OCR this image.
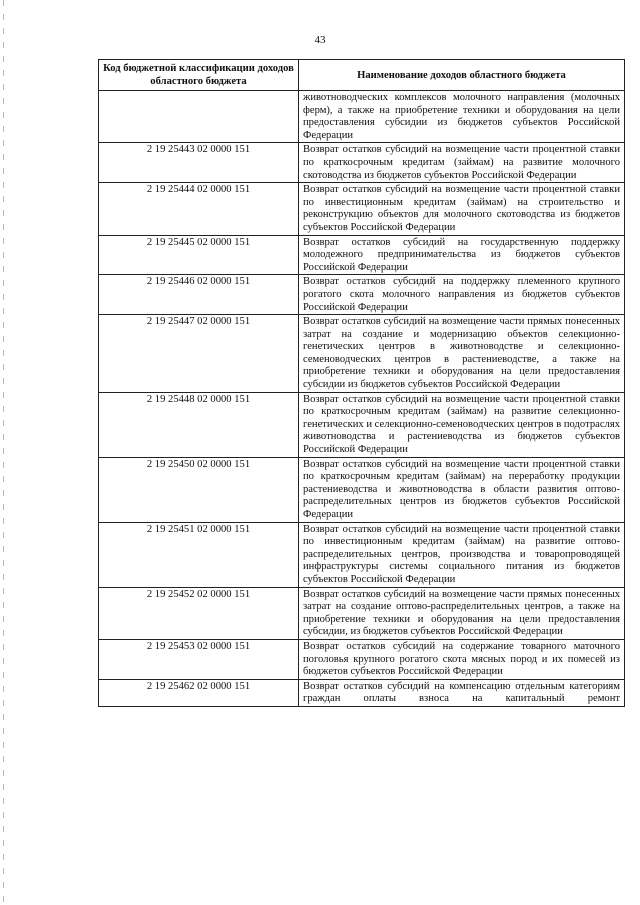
43
Код бюджетной классификации доходов областного бюджета	Наименование доходов областного бюджета
	животноводческих комплексов молочного направления (молочных ферм), а также на приобретение техники и оборудования на цели предоставления субсидии из бюджетов субъектов Российской Федерации
2 19 25443 02 0000 151	Возврат остатков субсидий на возмещение части процентной ставки по краткосрочным кредитам (займам) на развитие молочного скотоводства из бюджетов субъектов Российской Федерации
2 19 25444 02 0000 151	Возврат остатков субсидий на возмещение части процентной ставки по инвестиционным кредитам (займам) на строительство и реконструкцию объектов для молочного скотоводства из бюджетов субъектов Российской Федерации
2 19 25445 02 0000 151	Возврат остатков субсидий на государственную поддержку молодежного предпринимательства из бюджетов субъектов Российской Федерации
2 19 25446 02 0000 151	Возврат остатков субсидий на поддержку племенного крупного рогатого скота молочного направления из бюджетов субъектов Российской Федерации
2 19 25447 02 0000 151	Возврат остатков субсидий на возмещение части прямых понесенных затрат на создание и модернизацию объектов селекционно-генетических центров в животноводстве и селекционно-семеноводческих центров в растениеводстве, а также на приобретение техники и оборудования на цели предоставления субсидии из бюджетов субъектов Российской Федерации
2 19 25448 02 0000 151	Возврат остатков субсидий на возмещение части процентной ставки по краткосрочным кредитам (займам) на развитие селекционно-генетических и селекционно-семеноводческих центров в подотраслях животноводства и растениеводства из бюджетов субъектов Российской Федерации
2 19 25450 02 0000 151	Возврат остатков субсидий на возмещение части процентной ставки по краткосрочным кредитам (займам) на переработку продукции растениеводства и животноводства в области развития оптово-распределительных центров из бюджетов субъектов Российской Федерации
2 19 25451 02 0000 151	Возврат остатков субсидий на возмещение части процентной ставки по инвестиционным кредитам (займам) на развитие оптово-распределительных центров, производства и товаропроводящей инфраструктуры системы социального питания из бюджетов субъектов Российской Федерации
2 19 25452 02 0000 151	Возврат остатков субсидий на возмещение части прямых понесенных затрат на создание оптово-распределительных центров, а также на приобретение техники и оборудования на цели предоставления субсидии, из бюджетов субъектов Российской Федерации
2 19 25453 02 0000 151	Возврат остатков субсидий на содержание товарного маточного поголовья крупного рогатого скота мясных пород и их помесей из бюджетов субъектов Российской Федерации
2 19 25462 02 0000 151	Возврат остатков субсидий на компенсацию отдельным категориям граждан оплаты взноса на капитальный ремонт
